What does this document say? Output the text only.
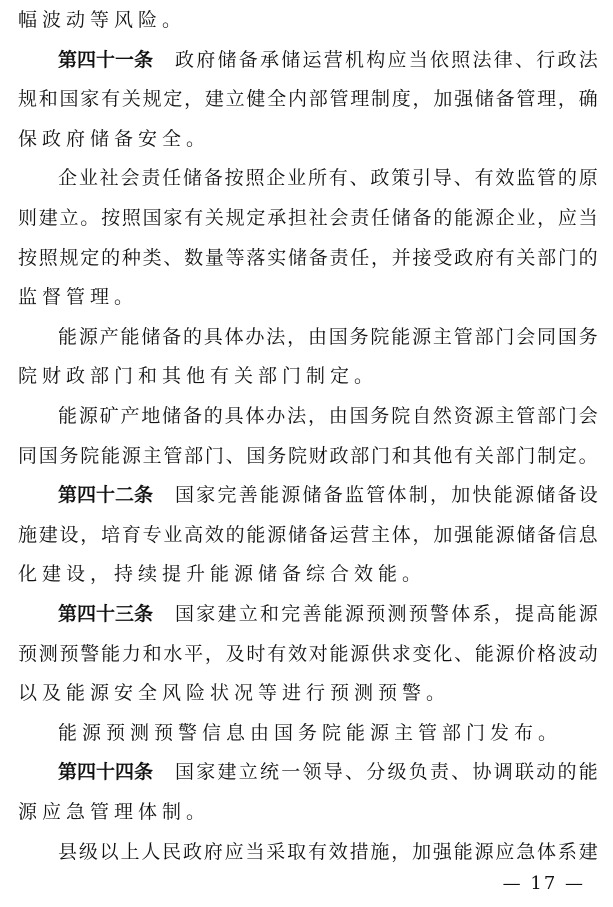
幅波动等风险。
第四十一条 政 府 储 备 承 储 运 营 机 构 应 当 依 照 法 律 、 行 政 法
规 和 国 家 有 关 规 定 ， 建 立 健 全 内 部 管 理 制 度 ， 加 强 储 备 管 理 ， 确
保政府储备安全。
企 业 社 会 责 任 储 备 按 照 企 业 所 有 、 政 策 引 导 、 有 效 监 管 的 原
则 建 立 。 按 照 国 家 有 关 规 定 承 担 社 会 责 任 储 备 的 能 源 企 业 ， 应 当
按 照 规 定 的 种 类 、 数 量 等 落 实 储 备 责 任 ， 并 接 受 政 府 有 关 部 门 的
监督管理。
能 源 产 能 储 备 的 具 体 办 法 ， 由 国 务 院 能 源 主 管 部 门 会 同 国 务
院财政部门和其他有关部门制定。
能 源 矿 产 地 储 备 的 具 体 办 法 ， 由 国 务 院 自 然 资 源 主 管 部 门 会
同 国 务 院 能 源 主 管 部 门 、 国 务 院 财 政 部 门 和 其 他 有 关 部 门 制 定 。
第四十二条 国 家 完 善 能 源 储 备 监 管 体 制 ， 加 快 能 源 储 备 设
施 建 设 ， 培 育 专 业 高 效 的 能 源 储 备 运 营 主 体 ， 加 强 能 源 储 备 信 息
化建设，持续提升能源储备综合效能。
第四十三条 国 家 建 立 和 完 善 能 源 预 测 预 警 体 系 ， 提 高 能 源
预 测 预 警 能 力 和 水 平 ， 及 时 有 效 对 能 源 供 求 变 化 、 能 源 价 格 波 动
以及能源安全风险状况等进行预测预警。
能源预测预警信息由国务院能源主管部门发布。
第四十四条 国 家 建 立 统 一 领 导 、 分 级 负 责 、 协 调 联 动 的 能
源应急管理体制。
县 级 以 上 人 民 政 府 应 当 采 取 有 效 措 施 ， 加 强 能 源 应 急 体 系 建
— 17 —
